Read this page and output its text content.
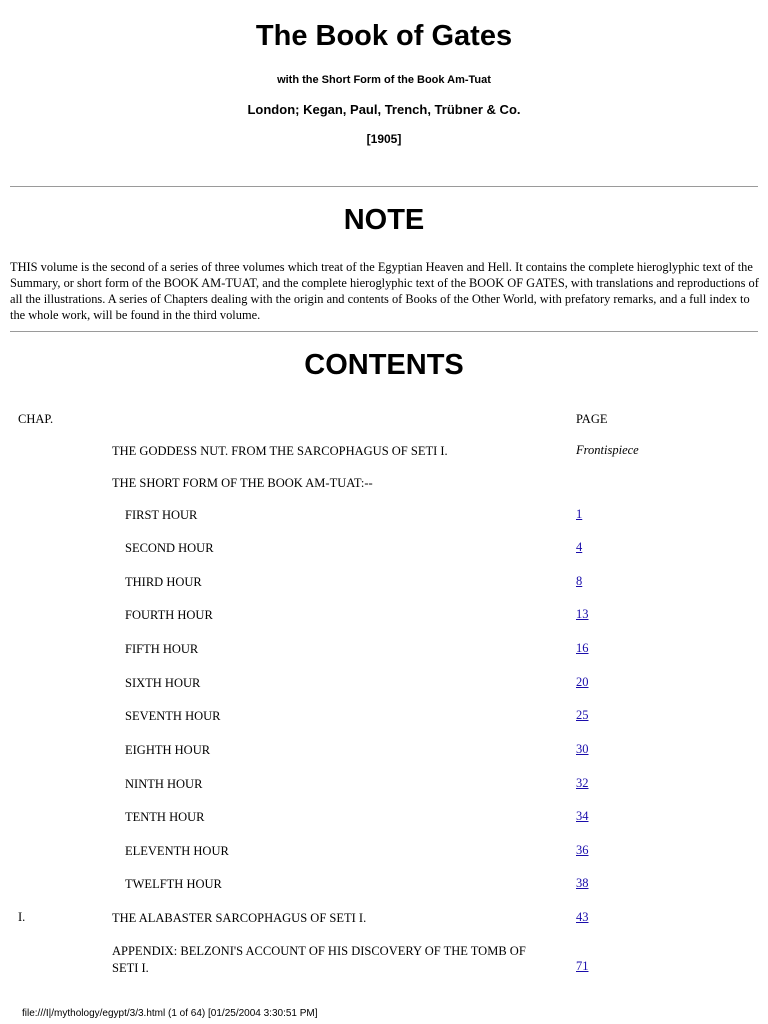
The Book of Gates
with the Short Form of the Book Am-Tuat
London; Kegan, Paul, Trench, Trübner & Co.
[1905]
NOTE
THIS volume is the second of a series of three volumes which treat of the Egyptian Heaven and Hell. It contains the complete hieroglyphic text of the Summary, or short form of the BOOK AM-TUAT, and the complete hieroglyphic text of the BOOK OF GATES, with translations and reproductions of all the illustrations. A series of Chapters dealing with the origin and contents of Books of the Other World, with prefatory remarks, and a full index to the whole work, will be found in the third volume.
CONTENTS
CHAP.	PAGE
THE GODDESS NUT. FROM THE SARCOPHAGUS OF SETI I.	Frontispiece
THE SHORT FORM OF THE BOOK AM-TUAT:--
FIRST HOUR	1
SECOND HOUR	4
THIRD HOUR	8
FOURTH HOUR	13
FIFTH HOUR	16
SIXTH HOUR	20
SEVENTH HOUR	25
EIGHTH HOUR	30
NINTH HOUR	32
TENTH HOUR	34
ELEVENTH HOUR	36
TWELFTH HOUR	38
I.	THE ALABASTER SARCOPHAGUS OF SETI I.	43
APPENDIX: BELZONI'S ACCOUNT OF HIS DISCOVERY OF THE TOMB OF SETI I.	71
file:///I|/mythology/egypt/3/3.html (1 of 64) [01/25/2004 3:30:51 PM]
